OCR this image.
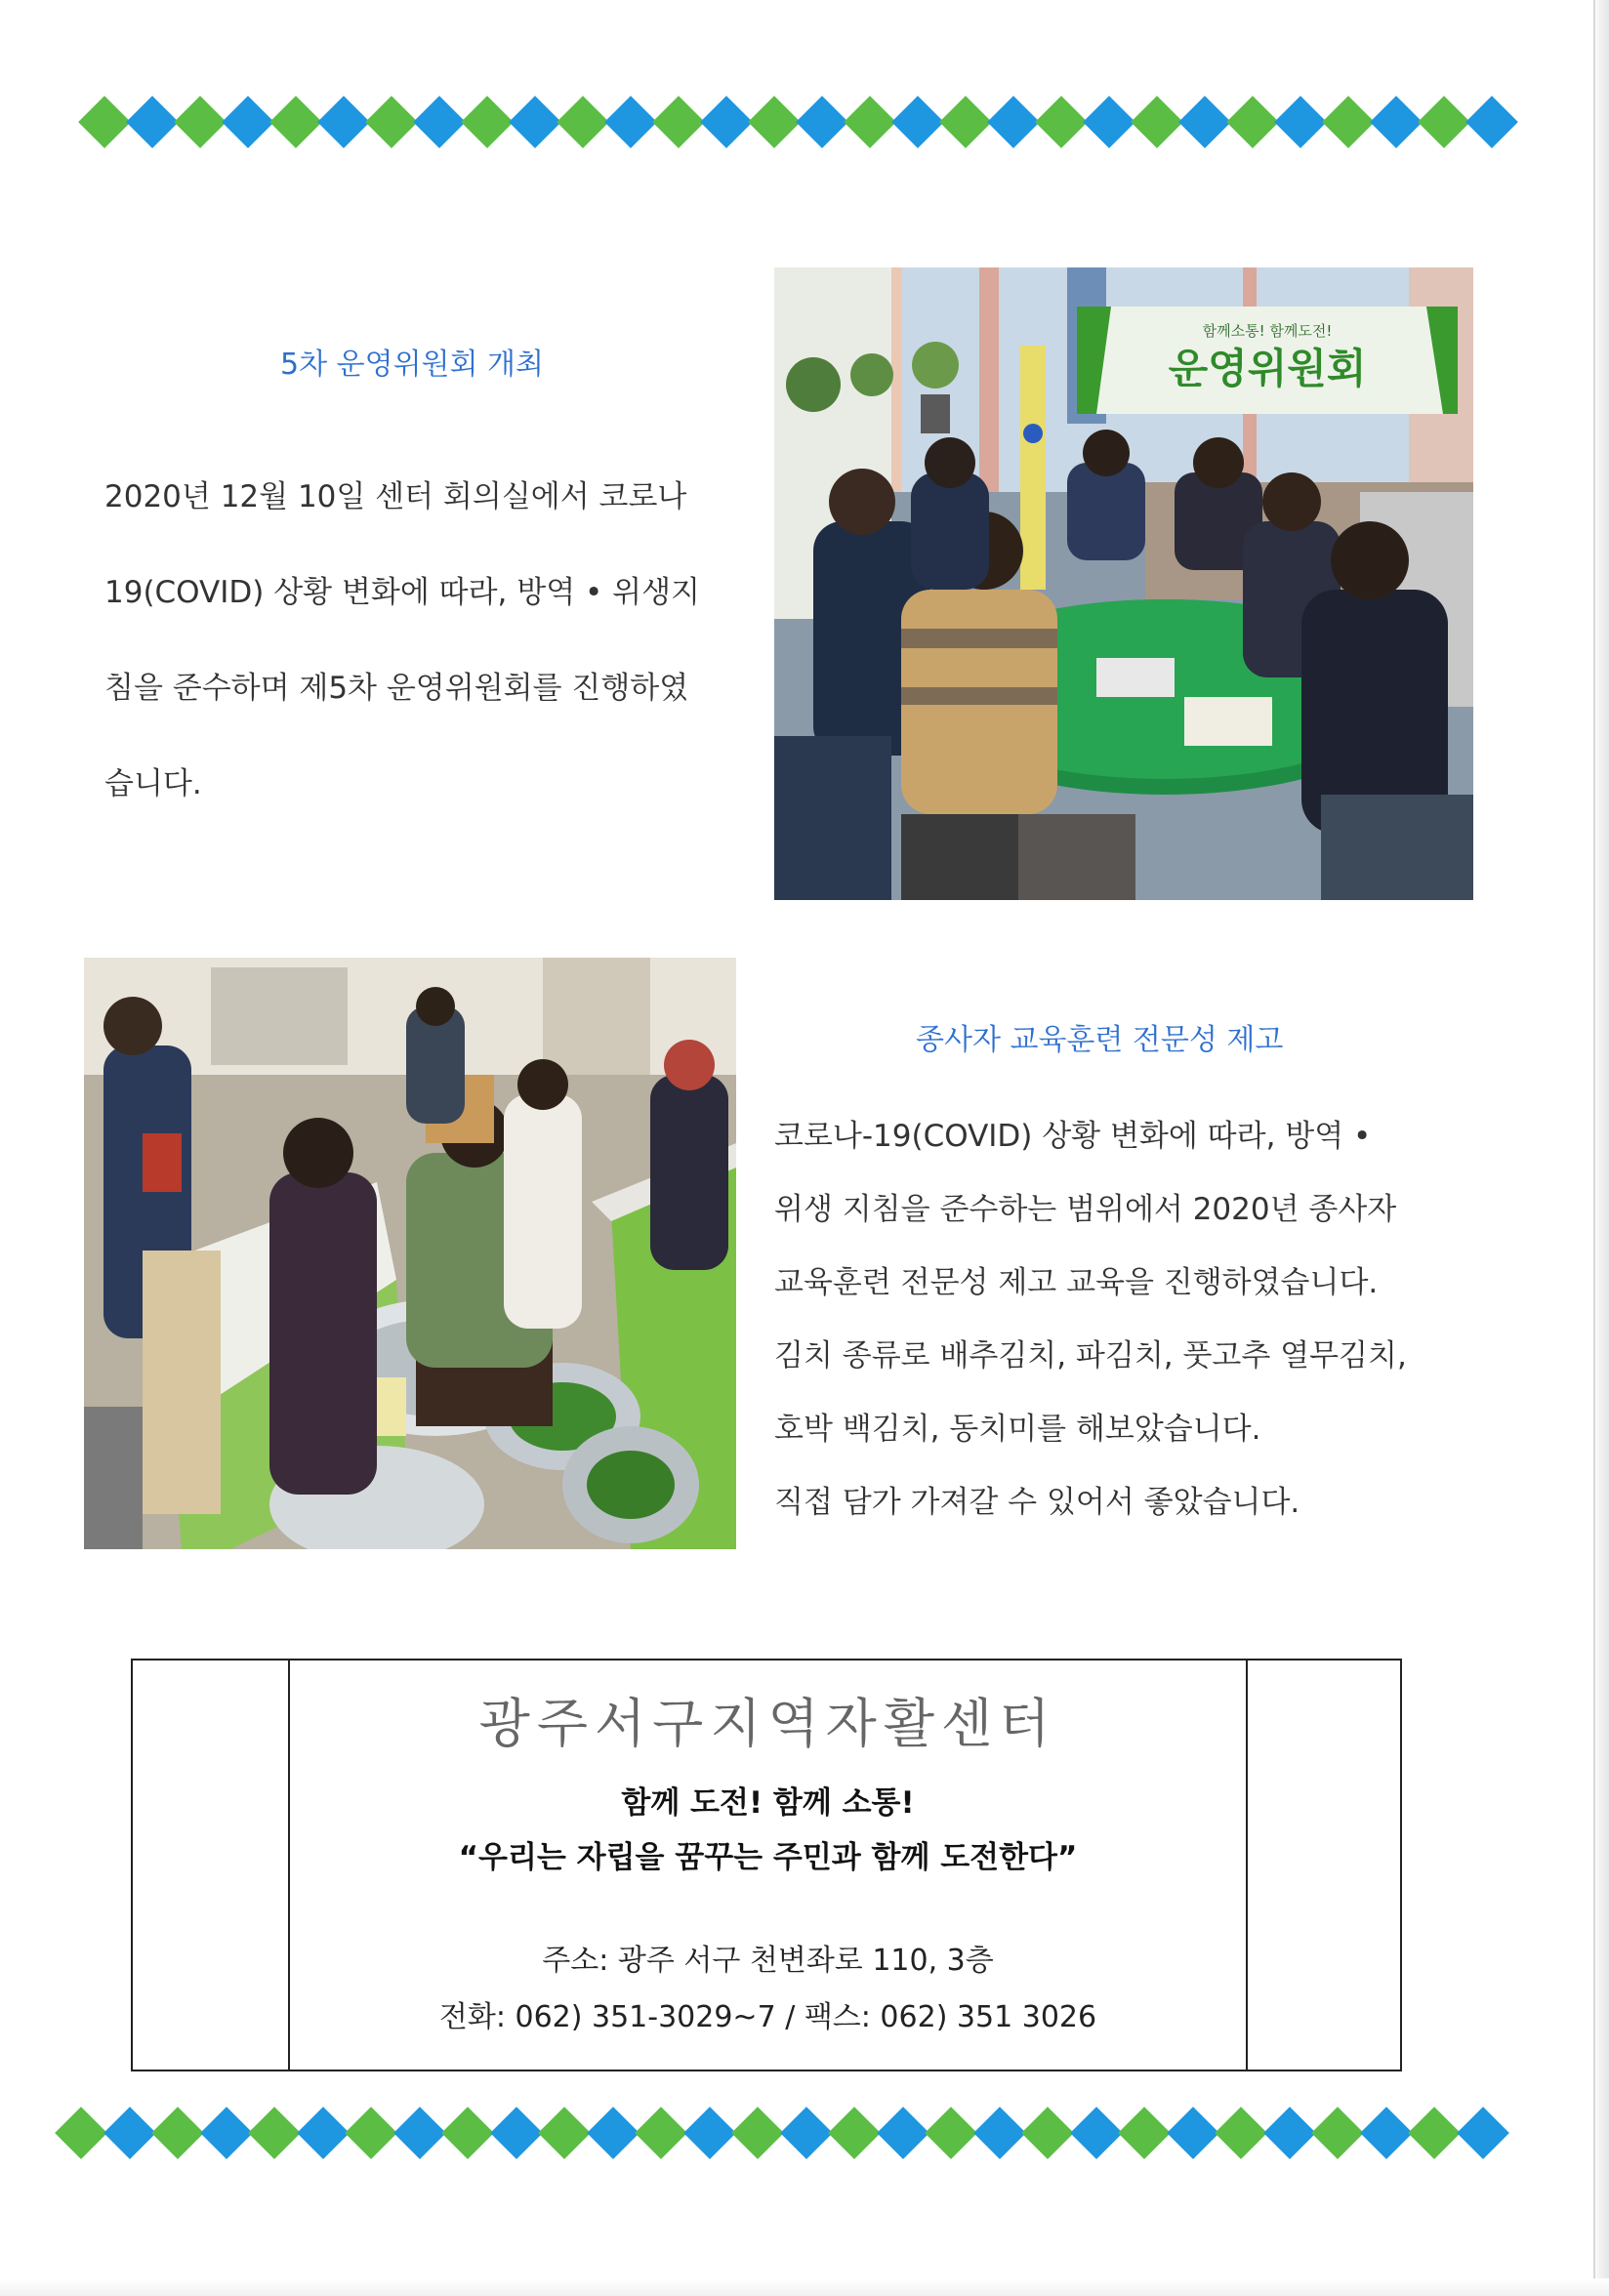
5차 운영위원회 개최
2020년 12월 10일 센터 회의실에서 코로나
19(COVID) 상황 변화에 따라, 방역 • 위생지
침을 준수하며 제5차 운영위원회를 진행하였
습니다.
함께소통! 함께도전!
운영위원회
종사자 교육훈련 전문성 제고
코로나-19(COVID) 상황 변화에 따라, 방역 •
위생 지침을 준수하는 범위에서 2020년 종사자
교육훈련 전문성 제고 교육을 진행하였습니다.
김치 종류로 배추김치, 파김치, 풋고추 열무김치,
호박 백김치, 동치미를 해보았습니다.
직접 담가 가져갈 수 있어서 좋았습니다.
광주서구지역자활센터
함께 도전! 함께 소통!
“우리는 자립을 꿈꾸는 주민과 함께 도전한다”
주소: 광주 서구 천변좌로 110, 3층
전화: 062) 351-3029~7 / 팩스: 062) 351 3026
